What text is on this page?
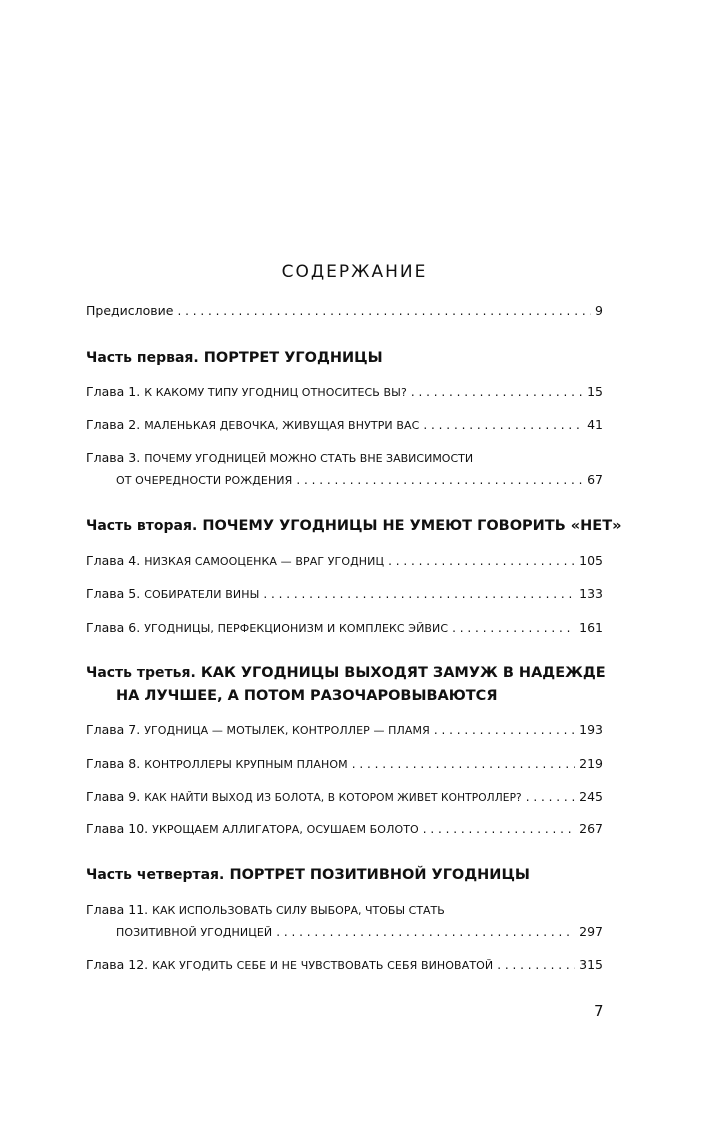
СОДЕРЖАНИЕ
Предисловие . . .	9
Часть первая. ПОРТРЕТ УГОДНИЦЫ
Глава 1. К КАКОМУ ТИПУ УГОДНИЦ ОТНОСИТЕСЬ ВЫ? . . .	15
Глава 2. МАЛЕНЬКАЯ ДЕВОЧКА, ЖИВУЩАЯ ВНУТРИ ВАС . . .	41
Глава 3. ПОЧЕМУ УГОДНИЦЕЙ МОЖНО СТАТЬ ВНЕ ЗАВИСИМОСТИ
ОТ ОЧЕРЕДНОСТИ РОЖДЕНИЯ . . .	67
Часть вторая. ПОЧЕМУ УГОДНИЦЫ НЕ УМЕЮТ ГОВОРИТЬ «НЕТ»
Глава 4. НИЗКАЯ САМООЦЕНКА — ВРАГ УГОДНИЦ . . .	105
Глава 5. СОБИРАТЕЛИ ВИНЫ . . .	133
Глава 6. УГОДНИЦЫ, ПЕРФЕКЦИОНИЗМ И КОМПЛЕКС ЭЙВИС . . .	161
Часть третья. КАК УГОДНИЦЫ ВЫХОДЯТ ЗАМУЖ В НАДЕЖДЕ
НА ЛУЧШЕЕ, А ПОТОМ РАЗОЧАРОВЫВАЮТСЯ
Глава 7. УГОДНИЦА — МОТЫЛЕК, КОНТРОЛЛЕР — ПЛАМЯ . . .	193
Глава 8. КОНТРОЛЛЕРЫ КРУПНЫМ ПЛАНОМ . . .	219
Глава 9. КАК НАЙТИ ВЫХОД ИЗ БОЛОТА, В КОТОРОМ ЖИВЕТ КОНТРОЛЛЕР? . . .	245
Глава 10. УКРОЩАЕМ АЛЛИГАТОРА, ОСУШАЕМ БОЛОТО . . .	267
Часть четвертая. ПОРТРЕТ ПОЗИТИВНОЙ УГОДНИЦЫ
Глава 11. КАК ИСПОЛЬЗОВАТЬ СИЛУ ВЫБОРА, ЧТОБЫ СТАТЬ
ПОЗИТИВНОЙ УГОДНИЦЕЙ . . .	297
Глава 12. КАК УГОДИТЬ СЕБЕ И НЕ ЧУВСТВОВАТЬ СЕБЯ ВИНОВАТОЙ . . .	315
7
